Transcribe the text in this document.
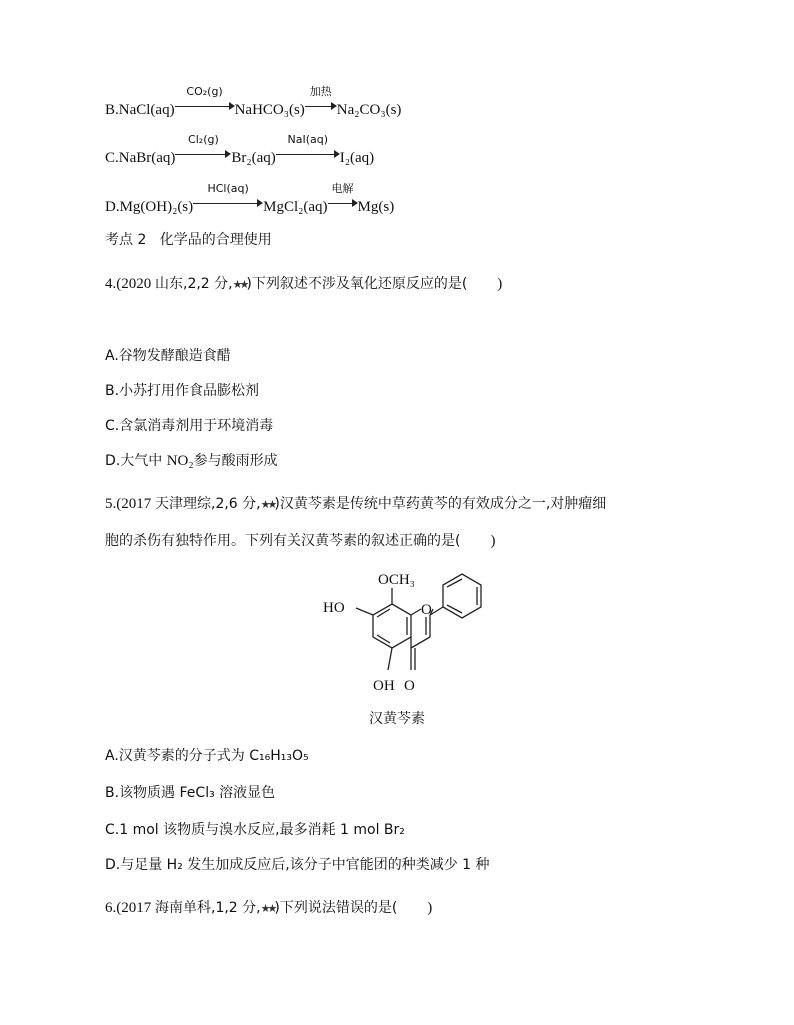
B.NaCl(aq)
CO₂(g)
NaHCO₃(s)
加热
Na₂CO₃(s)
C.NaBr(aq)
Cl₂(g)
Br₂(aq)
NaI(aq)
I₂(aq)
D.Mg(OH)₂(s)
HCl(aq)
MgCl₂(aq)
电解
Mg(s)
考点 2 化学品的合理使用
4.(2020 山东,2,2 分,★★)下列叙述不涉及氧化还原反应的是( )
A.谷物发酵酿造食醋
B.小苏打用作食品膨松剂
C.含氯消毒剂用于环境消毒
D.大气中 NO₂参与酸雨形成
5.(2017 天津理综,2,6 分,★★)汉黄芩素是传统中草药黄芩的有效成分之一,对肿瘤细
胞的杀伤有独特作用。下列有关汉黄芩素的叙述正确的是( )
OCH₃
HO	O
OH O
汉黄芩素
A.汉黄芩素的分子式为 C₁₆H₁₃O₅
B.该物质遇 FeCl₃ 溶液显色
C.1 mol 该物质与溴水反应,最多消耗 1 mol Br₂
D.与足量 H₂ 发生加成反应后,该分子中官能团的种类减少 1 种
6.(2017 海南单科,1,2 分,★★)下列说法错误的是( )
